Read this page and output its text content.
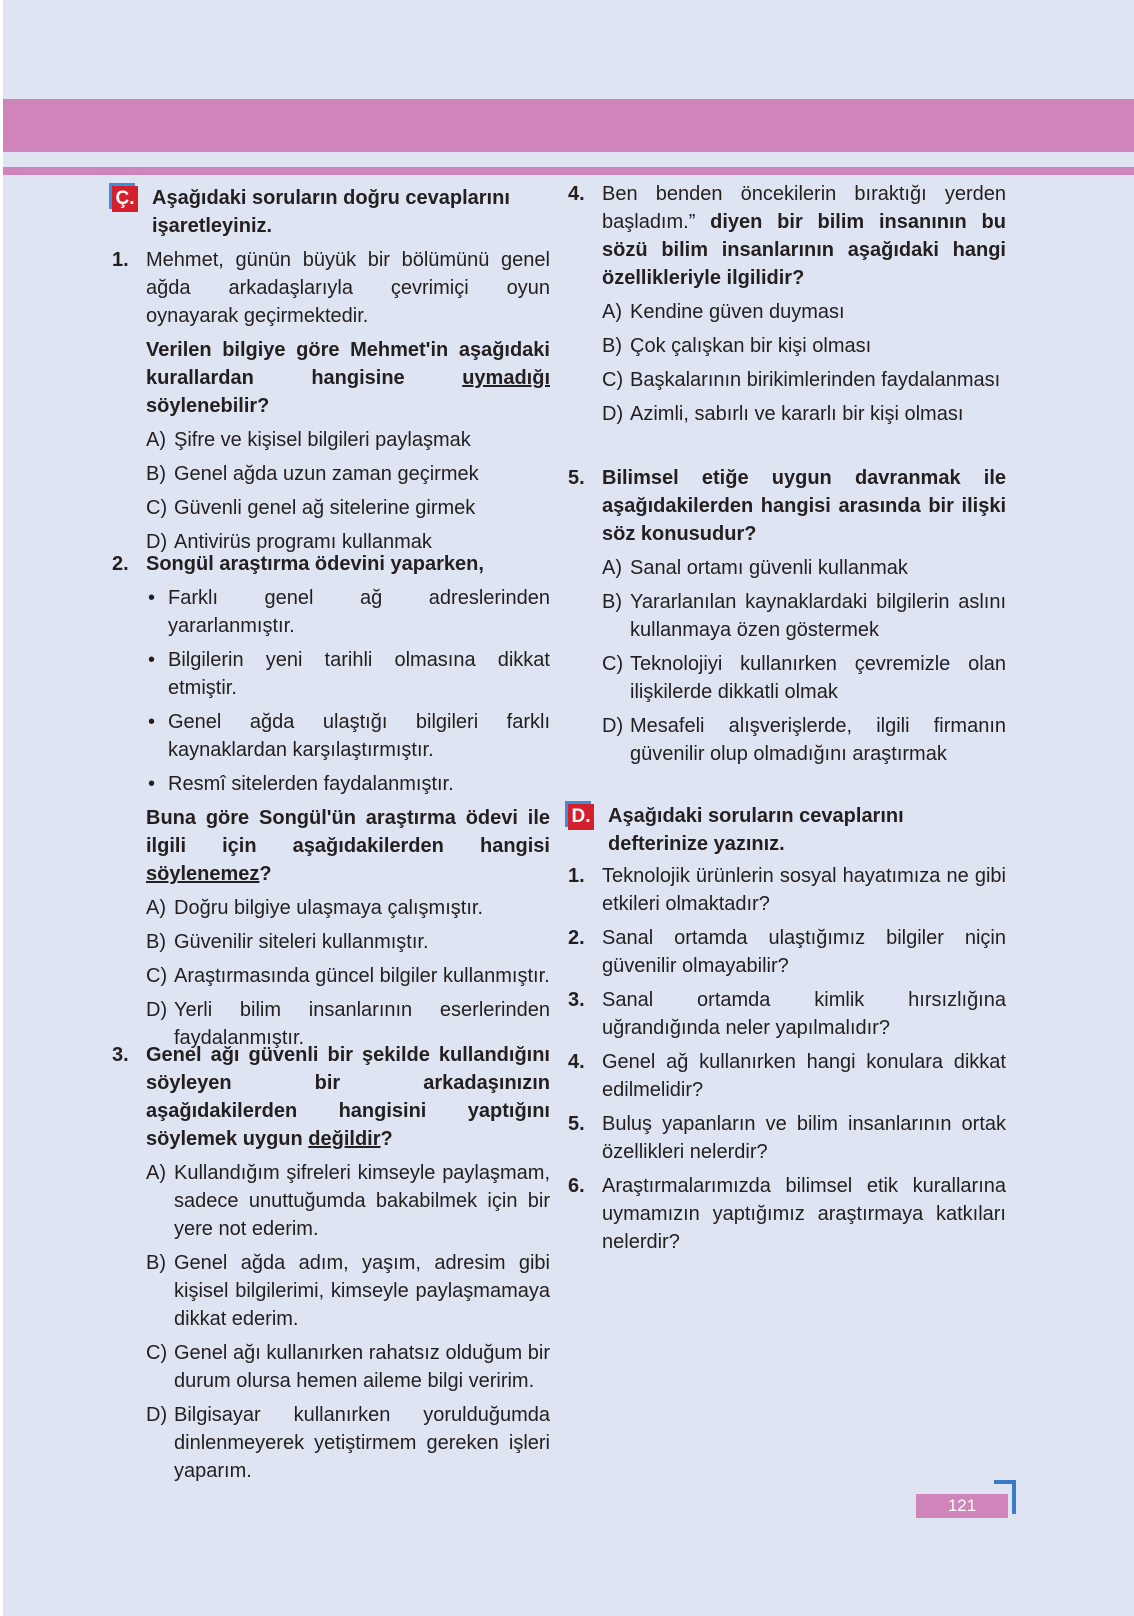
Ç. Aşağıdaki soruların doğru cevaplarını işaretleyiniz.
1. Mehmet, günün büyük bir bölümünü genel ağda arkadaşlarıyla çevrimiçi oyun oynayarak geçirmektedir.
Verilen bilgiye göre Mehmet'in aşağıdaki kurallardan hangisine uymadığı söylenebilir?
A) Şifre ve kişisel bilgileri paylaşmak
B) Genel ağda uzun zaman geçirmek
C) Güvenli genel ağ sitelerine girmek
D) Antivirüs programı kullanmak
2. Songül araştırma ödevini yaparken,
• Farklı genel ağ adreslerinden yararlanmıştır.
• Bilgilerin yeni tarihli olmasına dikkat etmiştir.
• Genel ağda ulaştığı bilgileri farklı kaynaklardan karşılaştırmıştır.
• Resmî sitelerden faydalanmıştır.
Buna göre Songül'ün araştırma ödevi ile ilgili için aşağıdakilerden hangisi söylenemez?
A) Doğru bilgiye ulaşmaya çalışmıştır.
B) Güvenilir siteleri kullanmıştır.
C) Araştırmasında güncel bilgiler kullanmıştır.
D) Yerli bilim insanlarının eserlerinden faydalanmıştır.
3. Genel ağı güvenli bir şekilde kullandığını söyleyen bir arkadaşınızın aşağıdakilerden hangisini yaptığını söylemek uygun değildir?
A) Kullandığım şifreleri kimseyle paylaşmam, sadece unuttuğumda bakabilmek için bir yere not ederim.
B) Genel ağda adım, yaşım, adresim gibi kişisel bilgilerimi, kimseyle paylaşmamaya dikkat ederim.
C) Genel ağı kullanırken rahatsız olduğum bir durum olursa hemen aileme bilgi veririm.
D) Bilgisayar kullanırken yorulduğumda dinlenmeyerek yetiştirmem gereken işleri yaparım.
4. Ben benden öncekilerin bıraktığı yerden başladım.” diyen bir bilim insanının bu sözü bilim insanlarının aşağıdaki hangi özellikleriyle ilgilidir?
A) Kendine güven duyması
B) Çok çalışkan bir kişi olması
C) Başkalarının birikimlerinden faydalanması
D) Azimli, sabırlı ve kararlı bir kişi olması
5. Bilimsel etiğe uygun davranmak ile aşağıdakilerden hangisi arasında bir ilişki söz konusudur?
A) Sanal ortamı güvenli kullanmak
B) Yararlanılan kaynaklardaki bilgilerin aslını kullanmaya özen göstermek
C) Teknolojiyi kullanırken çevremizle olan ilişkilerde dikkatli olmak
D) Mesafeli alışverişlerde, ilgili firmanın güvenilir olup olmadığını araştırmak
D. Aşağıdaki soruların cevaplarını defterinize yazınız.
1. Teknolojik ürünlerin sosyal hayatımıza ne gibi etkileri olmaktadır?
2. Sanal ortamda ulaştığımız bilgiler niçin güvenilir olmayabilir?
3. Sanal ortamda kimlik hırsızlığına uğrandığında neler yapılmalıdır?
4. Genel ağ kullanırken hangi konulara dikkat edilmelidir?
5. Buluş yapanların ve bilim insanlarının ortak özellikleri nelerdir?
6. Araştırmalarımızda bilimsel etik kurallarına uymamızın yaptığımız araştırmaya katkıları nelerdir?
121
